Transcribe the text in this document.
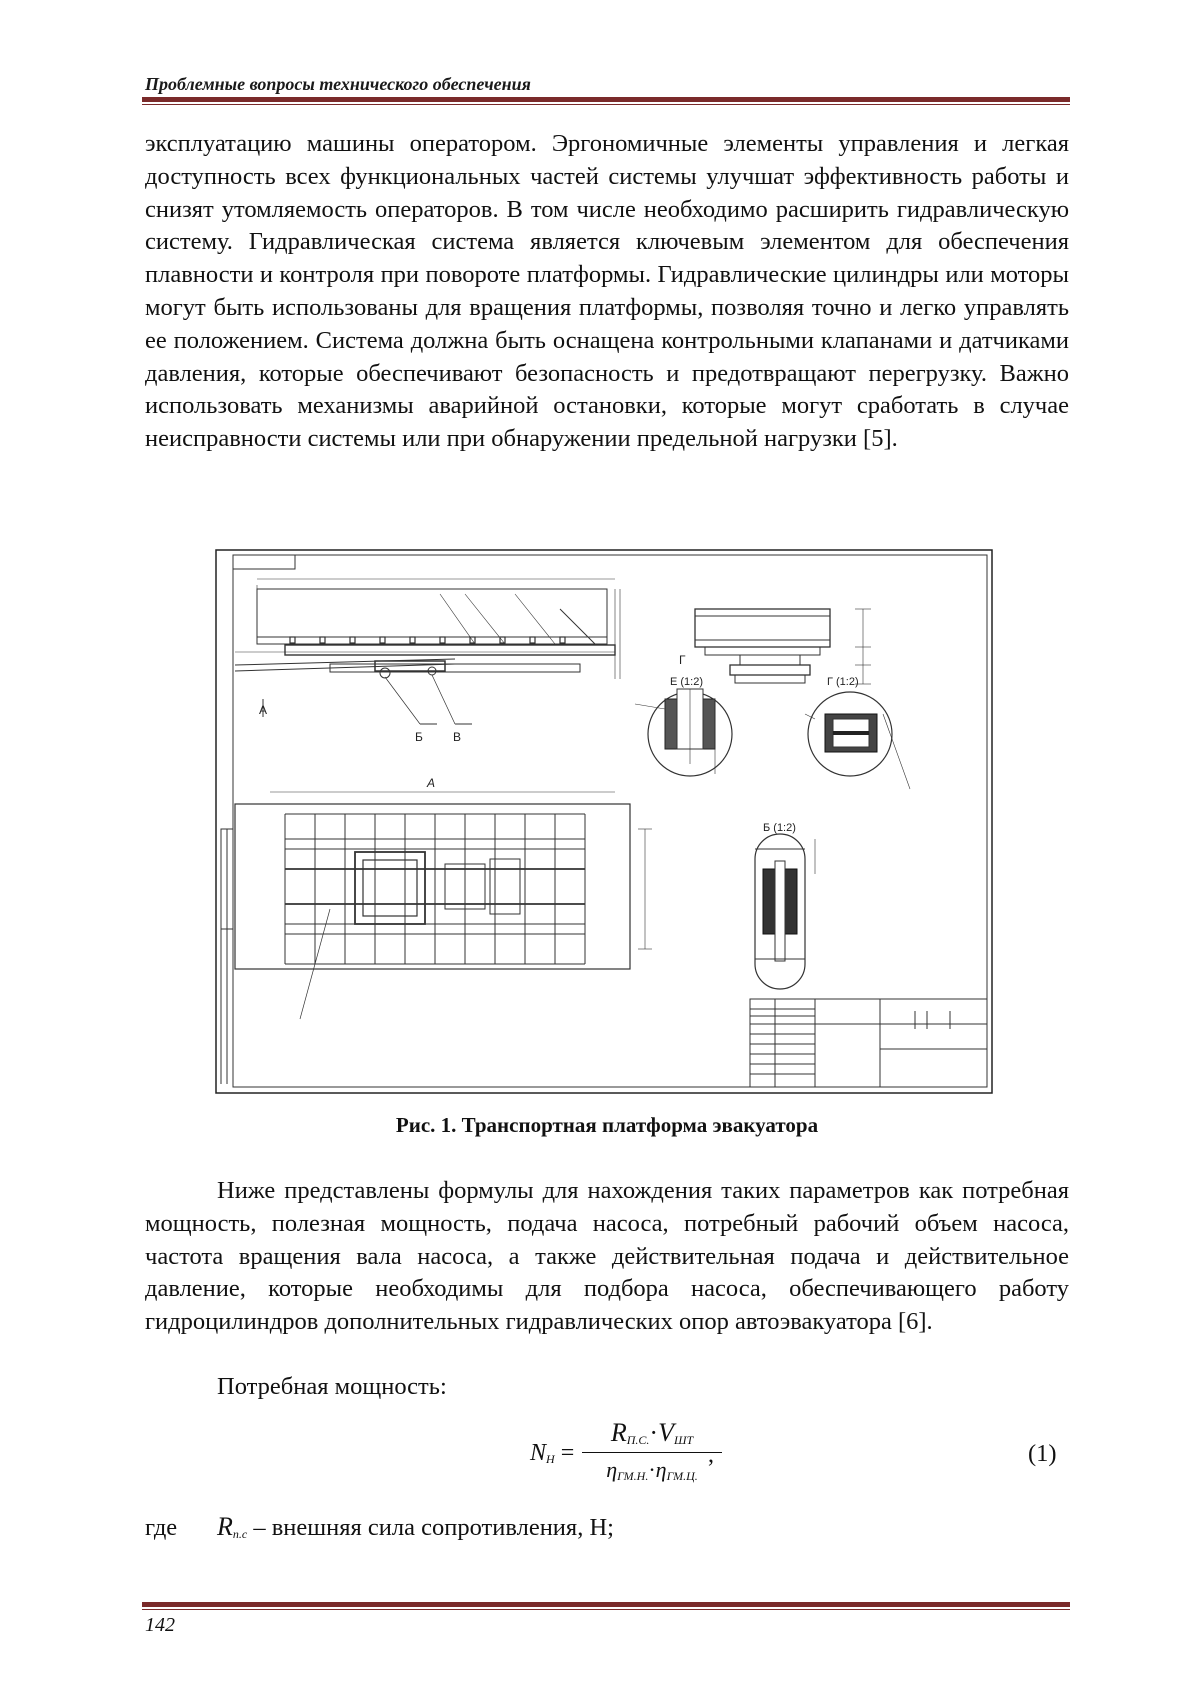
Проблемные вопросы технического обеспечения

эксплуатацию машины оператором. Эргономичные элементы управления и легкая доступность всех функциональных частей системы улучшат эффективность работы и снизят утомляемость операторов. В том числе необходимо расширить гидравлическую систему. Гидравлическая система является ключевым элементом для обеспечения плавности и контроля при повороте платформы. Гидравлические цилиндры или моторы могут быть использованы для вращения платформы, позволяя точно и легко управлять ее положением. Система должна быть оснащена контрольными клапанами и датчиками давления, которые обеспечивают безопасность и предотвращают перегрузку. Важно использовать механизмы аварийной остановки, которые могут сработать в случае неисправности системы или при обнаружении предельной нагрузки [5].

А
Б	В
Г
А
Е (1:2)	Г (1:2)
Б (1:2)
Рис. 1. Транспортная платформа эвакуатора

Ниже представлены формулы для нахождения таких параметров как потребная мощность, полезная мощность, подача насоса, потребный рабочий объем насоса, частота вращения вала насоса, а также действительная подача и действительное давление, которые необходимы для подбора насоса, обеспечивающего работу гидроцилиндров дополнительных гидравлических опор автоэвакуатора [6].

Потребная мощность:

$N_Н$ =
$R_{П.С.}\cdot V_{ШТ}$
$\eta_{ГМ.Н.}\cdot\eta_{ГМ.Ц.}$
,	(1)
где $R_{п.с}$ – внешняя сила сопротивления, Н;
142
